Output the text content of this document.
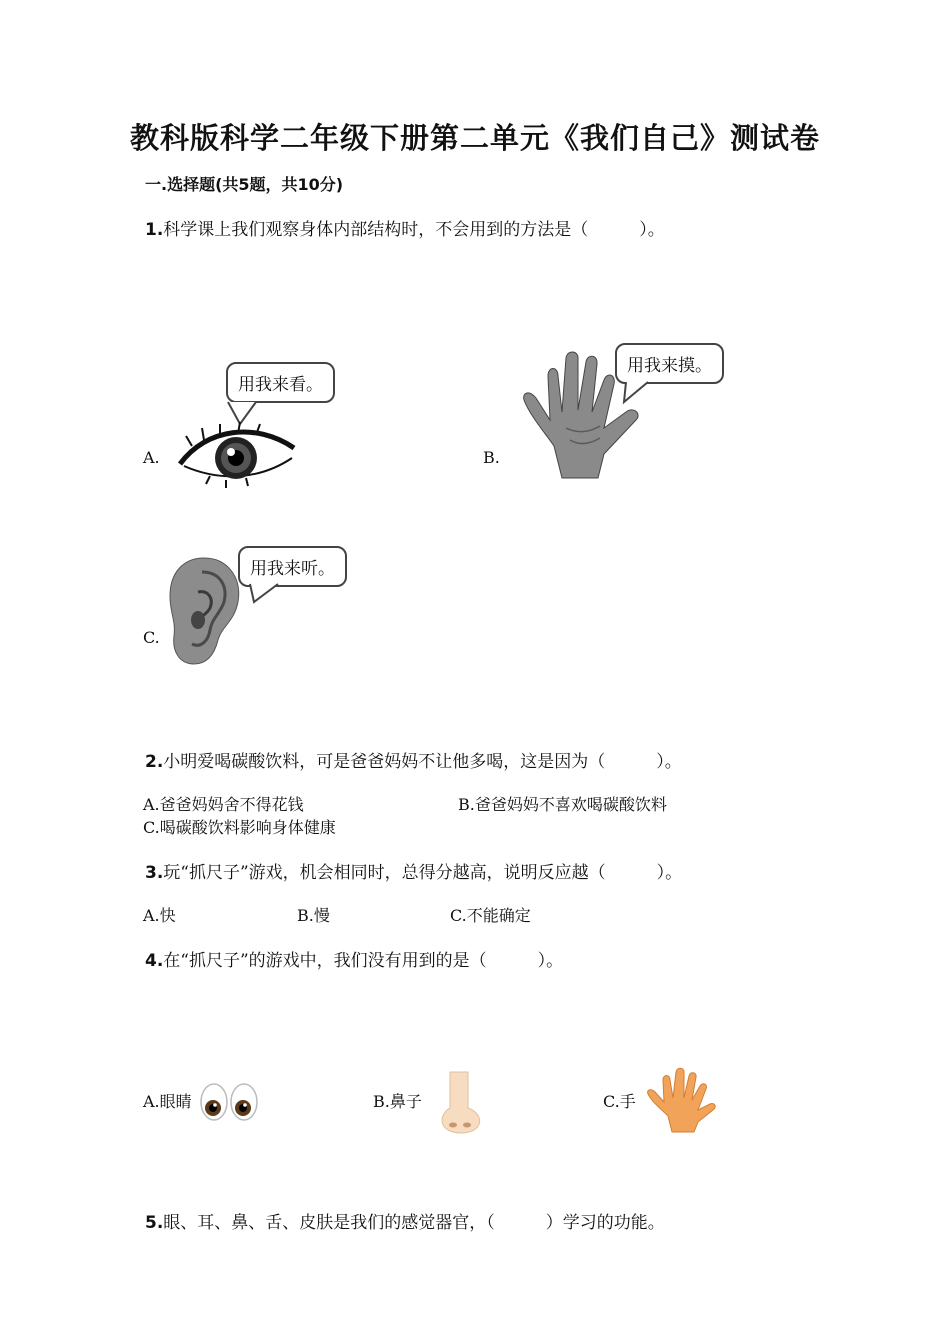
教科版科学二年级下册第二单元《我们自己》测试卷
一.选择题(共5题，共10分)
1.科学课上我们观察身体内部结构时，不会用到的方法是（　　　）。
A.
用我来看。
B.
用我来摸。
C.
用我来听。
2.小明爱喝碳酸饮料，可是爸爸妈妈不让他多喝，这是因为（　　　）。
A.爸爸妈妈舍不得花钱	B.爸爸妈妈不喜欢喝碳酸饮料
C.喝碳酸饮料影响身体健康
3.玩“抓尺子”游戏，机会相同时，总得分越高，说明反应越（　　　）。
A.快	B.慢	C.不能确定
4.在“抓尺子”的游戏中，我们没有用到的是（　　　）。
A.眼睛	B.鼻子	C.手
5.眼、耳、鼻、舌、皮肤是我们的感觉器官，（　　　）学习的功能。
